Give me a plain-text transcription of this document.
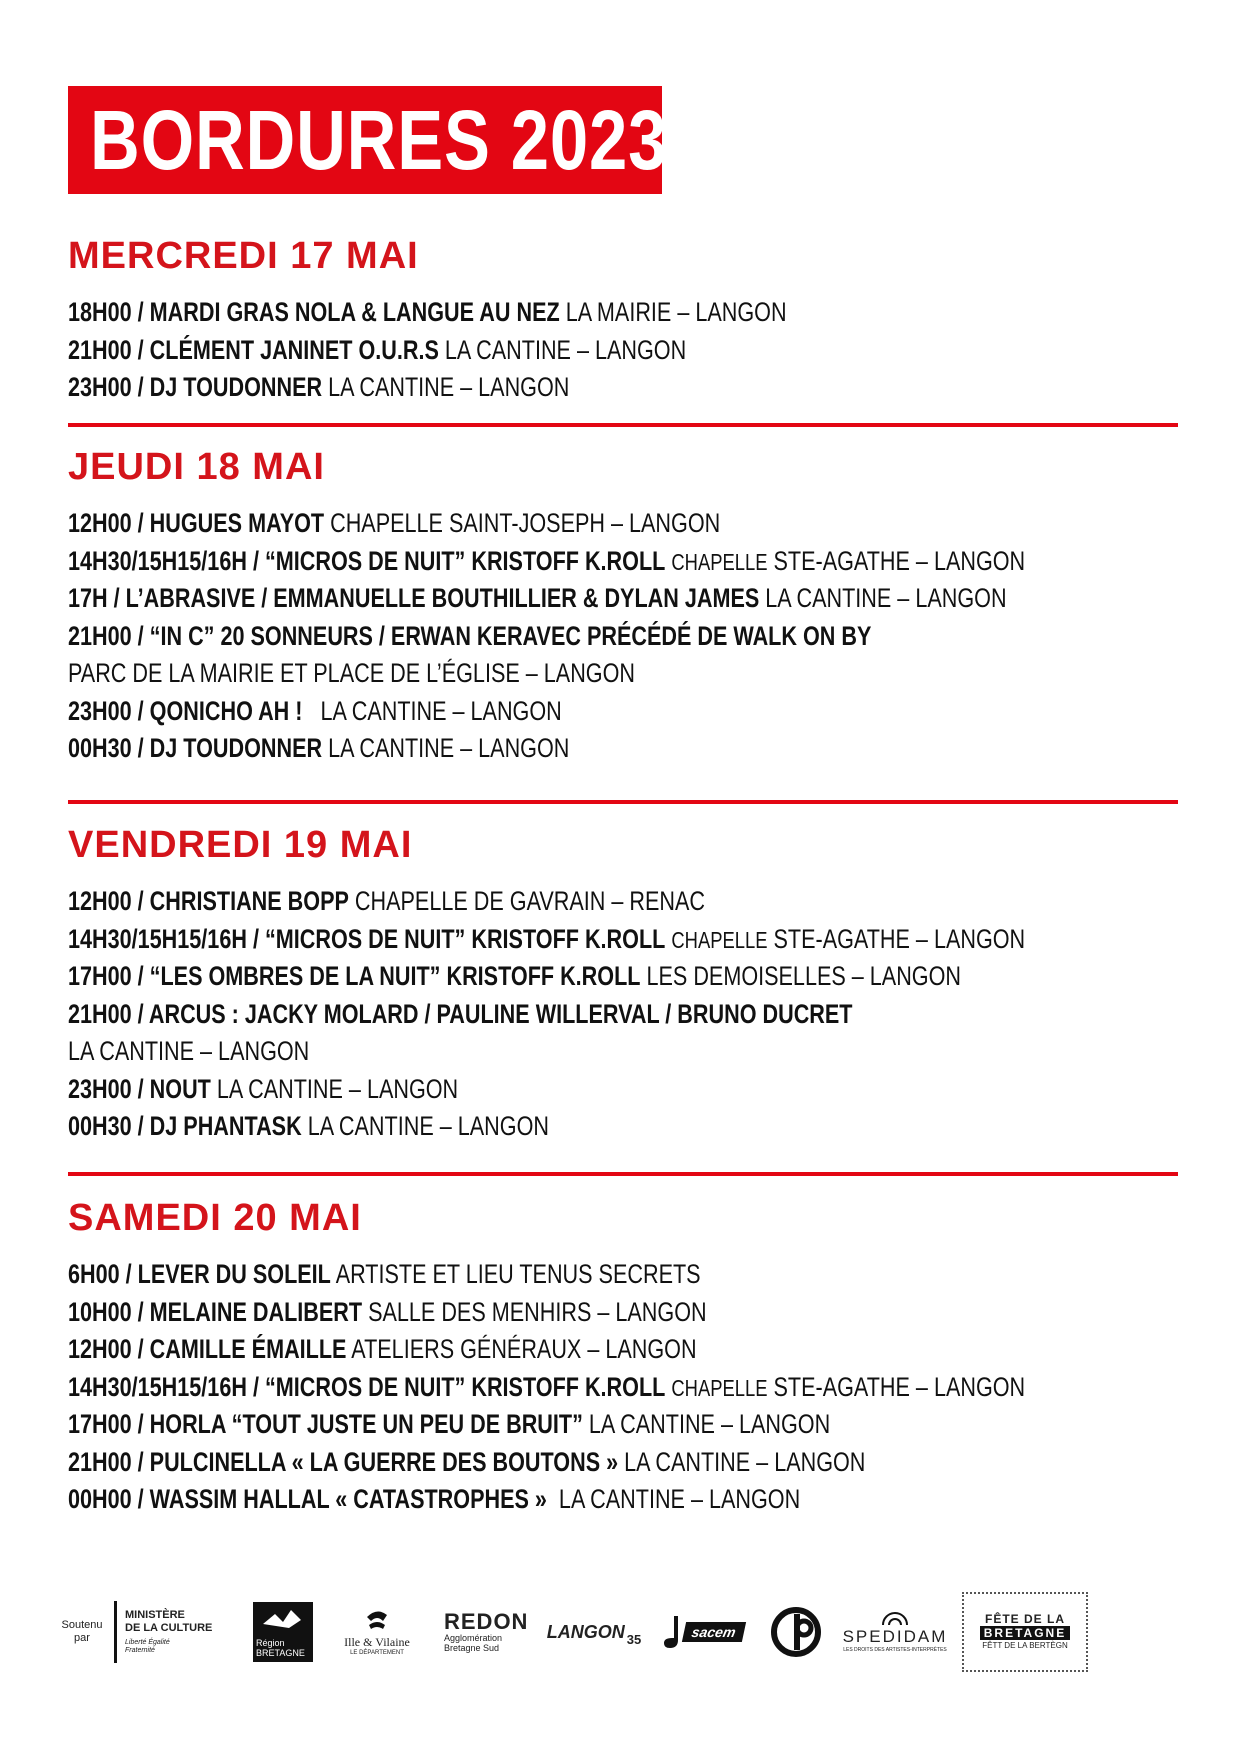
BORDURES 2023
MERCREDI 17 MAI
18H00 / MARDI GRAS NOLA & LANGUE AU NEZ LA MAIRIE – LANGON
21H00 / CLÉMENT JANINET O.U.R.S LA CANTINE – LANGON
23H00 / DJ TOUDONNER LA CANTINE – LANGON
JEUDI 18 MAI
12H00 / HUGUES MAYOT CHAPELLE SAINT-JOSEPH – LANGON
14H30/15H15/16H / “MICROS DE NUIT” KRISTOFF K.ROLL CHAPELLE STE-AGATHE – LANGON
17H / L’ABRASIVE / EMMANUELLE BOUTHILLIER & DYLAN JAMES LA CANTINE – LANGON
21H00 / “IN C” 20 SONNEURS / ERWAN KERAVEC PRÉCÉDÉ DE WALK ON BY
PARC DE LA MAIRIE ET PLACE DE L’ÉGLISE – LANGON
23H00 / QONICHO AH !   LA CANTINE – LANGON
00H30 / DJ TOUDONNER LA CANTINE – LANGON
VENDREDI 19 MAI
12H00 / CHRISTIANE BOPP CHAPELLE DE GAVRAIN – RENAC
14H30/15H15/16H / “MICROS DE NUIT” KRISTOFF K.ROLL CHAPELLE STE-AGATHE – LANGON
17H00 / “LES OMBRES DE LA NUIT” KRISTOFF K.ROLL LES DEMOISELLES – LANGON
21H00 / ARCUS : JACKY MOLARD / PAULINE WILLERVAL / BRUNO DUCRET
LA CANTINE – LANGON
23H00 / NOUT LA CANTINE – LANGON
00H30 / DJ PHANTASK LA CANTINE – LANGON
SAMEDI 20 MAI
6H00 / LEVER DU SOLEIL ARTISTE ET LIEU TENUS SECRETS
10H00 / MELAINE DALIBERT SALLE DES MENHIRS – LANGON
12H00 / CAMILLE ÉMAILLE ATELIERS GÉNÉRAUX – LANGON
14H30/15H15/16H / “MICROS DE NUIT” KRISTOFF K.ROLL CHAPELLE STE-AGATHE – LANGON
17H00 / HORLA “TOUT JUSTE UN PEU DE BRUIT” LA CANTINE – LANGON
21H00 / PULCINELLA « LA GUERRE DES BOUTONS » LA CANTINE – LANGON
00H00 / WASSIM HALLAL « CATASTROPHES »  LA CANTINE – LANGON
Soutenu par
MINISTÈRE
DE LA CULTURE
Liberté Égalité Fraternité
Région BRETAGNE
Ille & Vilaine
LE DÉPARTEMENT
REDON
Agglomération Bretagne Sud
LANGON 35	sacem	SPEDIDAM
LES DROITS DES ARTISTES-INTERPRÈTES
FÊTE DE LA
BRETAGNE
FÊTT DE LA BERTÈGN
